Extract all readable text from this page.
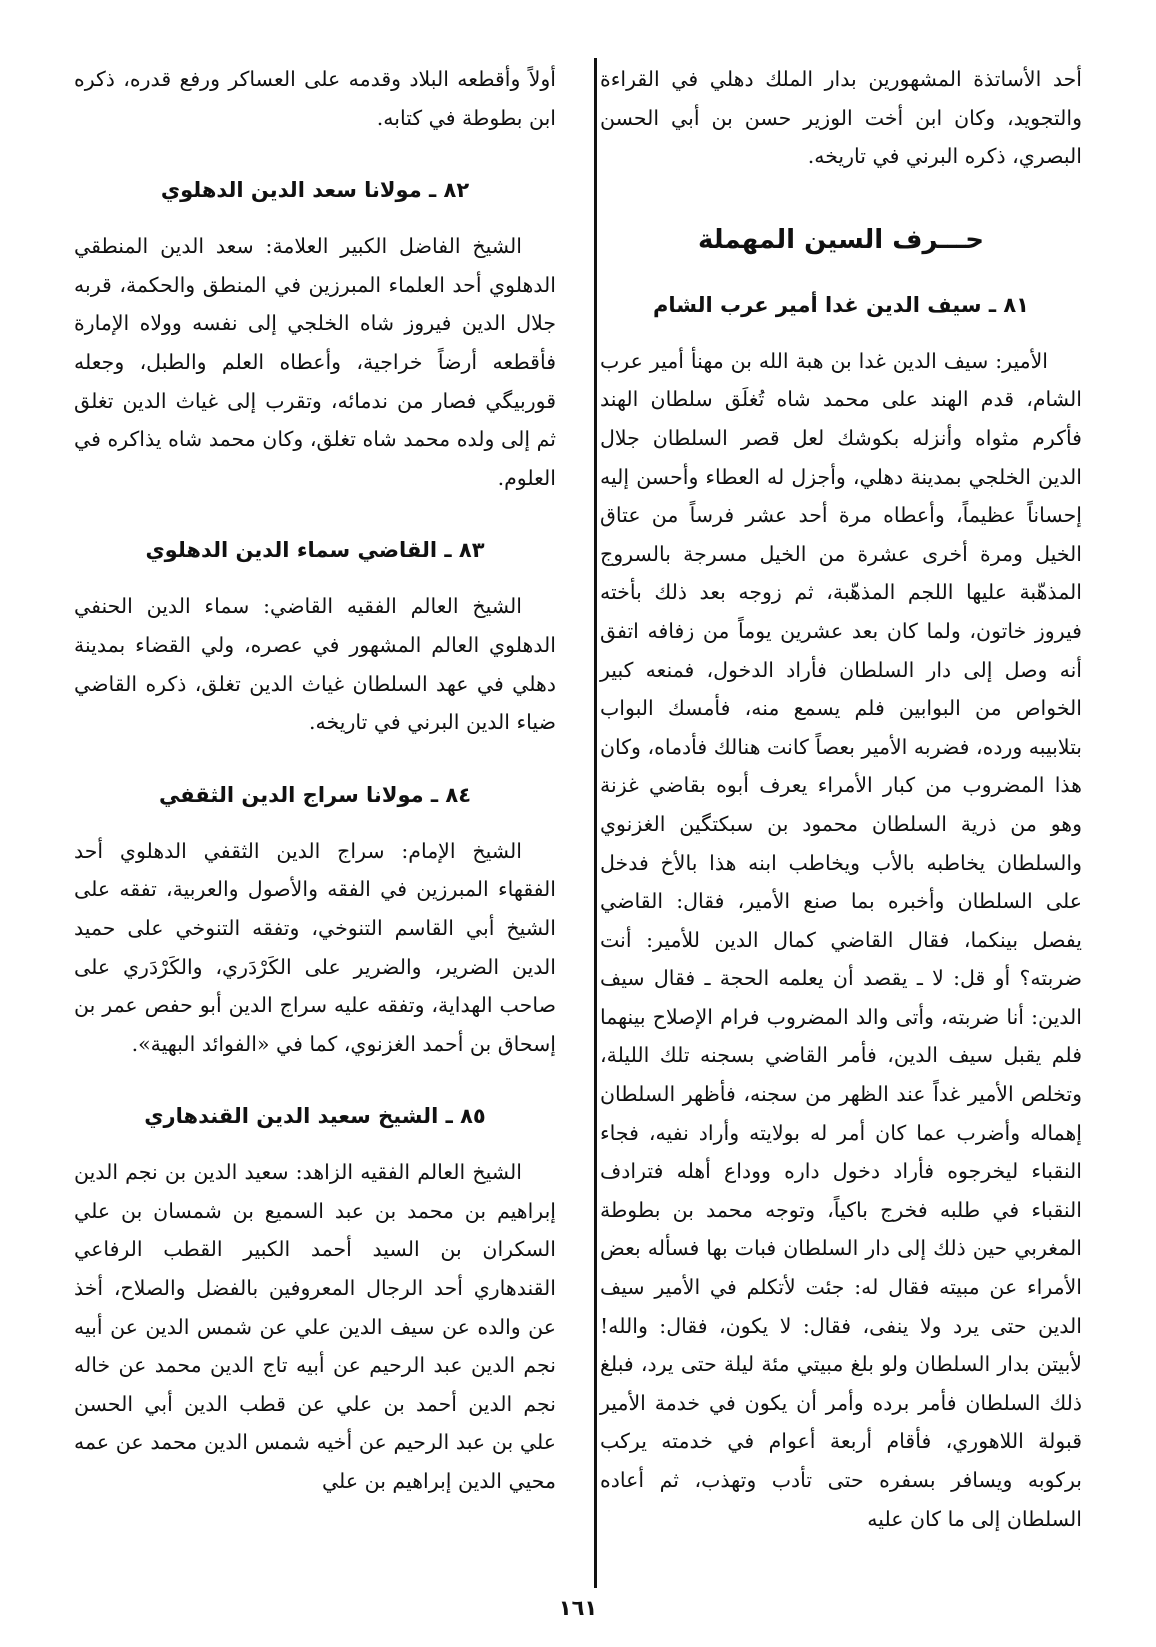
أحد الأساتذة المشهورين بدار الملك دهلي في القراءة والتجويد، وكان ابن أخت الوزير حسن بن أبي الحسن البصري، ذكره البرني في تاريخه.

حـــرف السين المهملة
٨١ ـ سيف الدين غدا أمير عرب الشام

الأمير: سيف الدين غدا بن هبة الله بن مهنأ أمير عرب الشام، قدم الهند على محمد شاه تُغلَق سلطان الهند فأكرم مثواه وأنزله بكوشك لعل قصر السلطان جلال الدين الخلجي بمدينة دهلي، وأجزل له العطاء وأحسن إليه إحساناً عظيماً، وأعطاه مرة أحد عشر فرساً من عتاق الخيل ومرة أخرى عشرة من الخيل مسرجة بالسروج المذهّبة عليها اللجم المذهّبة، ثم زوجه بعد ذلك بأخته فيروز خاتون، ولما كان بعد عشرين يوماً من زفافه اتفق أنه وصل إلى دار السلطان فأراد الدخول، فمنعه كبير الخواص من البوابين فلم يسمع منه، فأمسك البواب بتلابيبه ورده، فضربه الأمير بعصاً كانت هنالك فأدماه، وكان هذا المضروب من كبار الأمراء يعرف أبوه بقاضي غزنة وهو من ذرية السلطان محمود بن سبكتگين الغزنوي والسلطان يخاطبه بالأب ويخاطب ابنه هذا بالأخ فدخل على السلطان وأخبره بما صنع الأمير، فقال: القاضي يفصل بينكما، فقال القاضي كمال الدين للأمير: أنت ضربته؟ أو قل: لا ـ يقصد أن يعلمه الحجة ـ فقال سيف الدين: أنا ضربته، وأتى والد المضروب فرام الإصلاح بينهما فلم يقبل سيف الدين، فأمر القاضي بسجنه تلك الليلة، وتخلص الأمير غداً عند الظهر من سجنه، فأظهر السلطان إهماله وأضرب عما كان أمر له بولايته وأراد نفيه، فجاء النقباء ليخرجوه فأراد دخول داره ووداع أهله فترادف النقباء في طلبه فخرج باكياً، وتوجه محمد بن بطوطة المغربي حين ذلك إلى دار السلطان فبات بها فسأله بعض الأمراء عن مبيته فقال له: جئت لأتكلم في الأمير سيف الدين حتى يرد ولا ينفى، فقال: لا يكون، فقال: والله! لأبيتن بدار السلطان ولو بلغ مبيتي مئة ليلة حتى يرد، فبلغ ذلك السلطان فأمر برده وأمر أن يكون في خدمة الأمير قبولة اللاهوري، فأقام أربعة أعوام في خدمته يركب بركوبه ويسافر بسفره حتى تأدب وتهذب، ثم أعاده السلطان إلى ما كان عليه

أولاً وأقطعه البلاد وقدمه على العساكر ورفع قدره، ذكره ابن بطوطة في كتابه.

٨٢ ـ مولانا سعد الدين الدهلوي

الشيخ الفاضل الكبير العلامة: سعد الدين المنطقي الدهلوي أحد العلماء المبرزين في المنطق والحكمة، قربه جلال الدين فيروز شاه الخلجي إلى نفسه وولاه الإمارة فأقطعه أرضاً خراجية، وأعطاه العلم والطبل، وجعله قوربيگي فصار من ندمائه، وتقرب إلى غياث الدين تغلق ثم إلى ولده محمد شاه تغلق، وكان محمد شاه يذاكره في العلوم.

٨٣ ـ القاضي سماء الدين الدهلوي

الشيخ العالم الفقيه القاضي: سماء الدين الحنفي الدهلوي العالم المشهور في عصره، ولي القضاء بمدينة دهلي في عهد السلطان غياث الدين تغلق، ذكره القاضي ضياء الدين البرني في تاريخه.

٨٤ ـ مولانا سراج الدين الثقفي

الشيخ الإمام: سراج الدين الثقفي الدهلوي أحد الفقهاء المبرزين في الفقه والأصول والعربية، تفقه على الشيخ أبي القاسم التنوخي، وتفقه التنوخي على حميد الدين الضرير، والضرير على الكَرْدَري، والكَرْدَري على صاحب الهداية، وتفقه عليه سراج الدين أبو حفص عمر بن إسحاق بن أحمد الغزنوي، كما في «الفوائد البهية».

٨٥ ـ الشيخ سعيد الدين القندهاري

الشيخ العالم الفقيه الزاهد: سعيد الدين بن نجم الدين إبراهيم بن محمد بن عبد السميع بن شمسان بن علي السكران بن السيد أحمد الكبير القطب الرفاعي القندهاري أحد الرجال المعروفين بالفضل والصلاح، أخذ عن والده عن سيف الدين علي عن شمس الدين عن أبيه نجم الدين عبد الرحيم عن أبيه تاج الدين محمد عن خاله نجم الدين أحمد بن علي عن قطب الدين أبي الحسن علي بن عبد الرحيم عن أخيه شمس الدين محمد عن عمه محيي الدين إبراهيم بن علي

١٦١
